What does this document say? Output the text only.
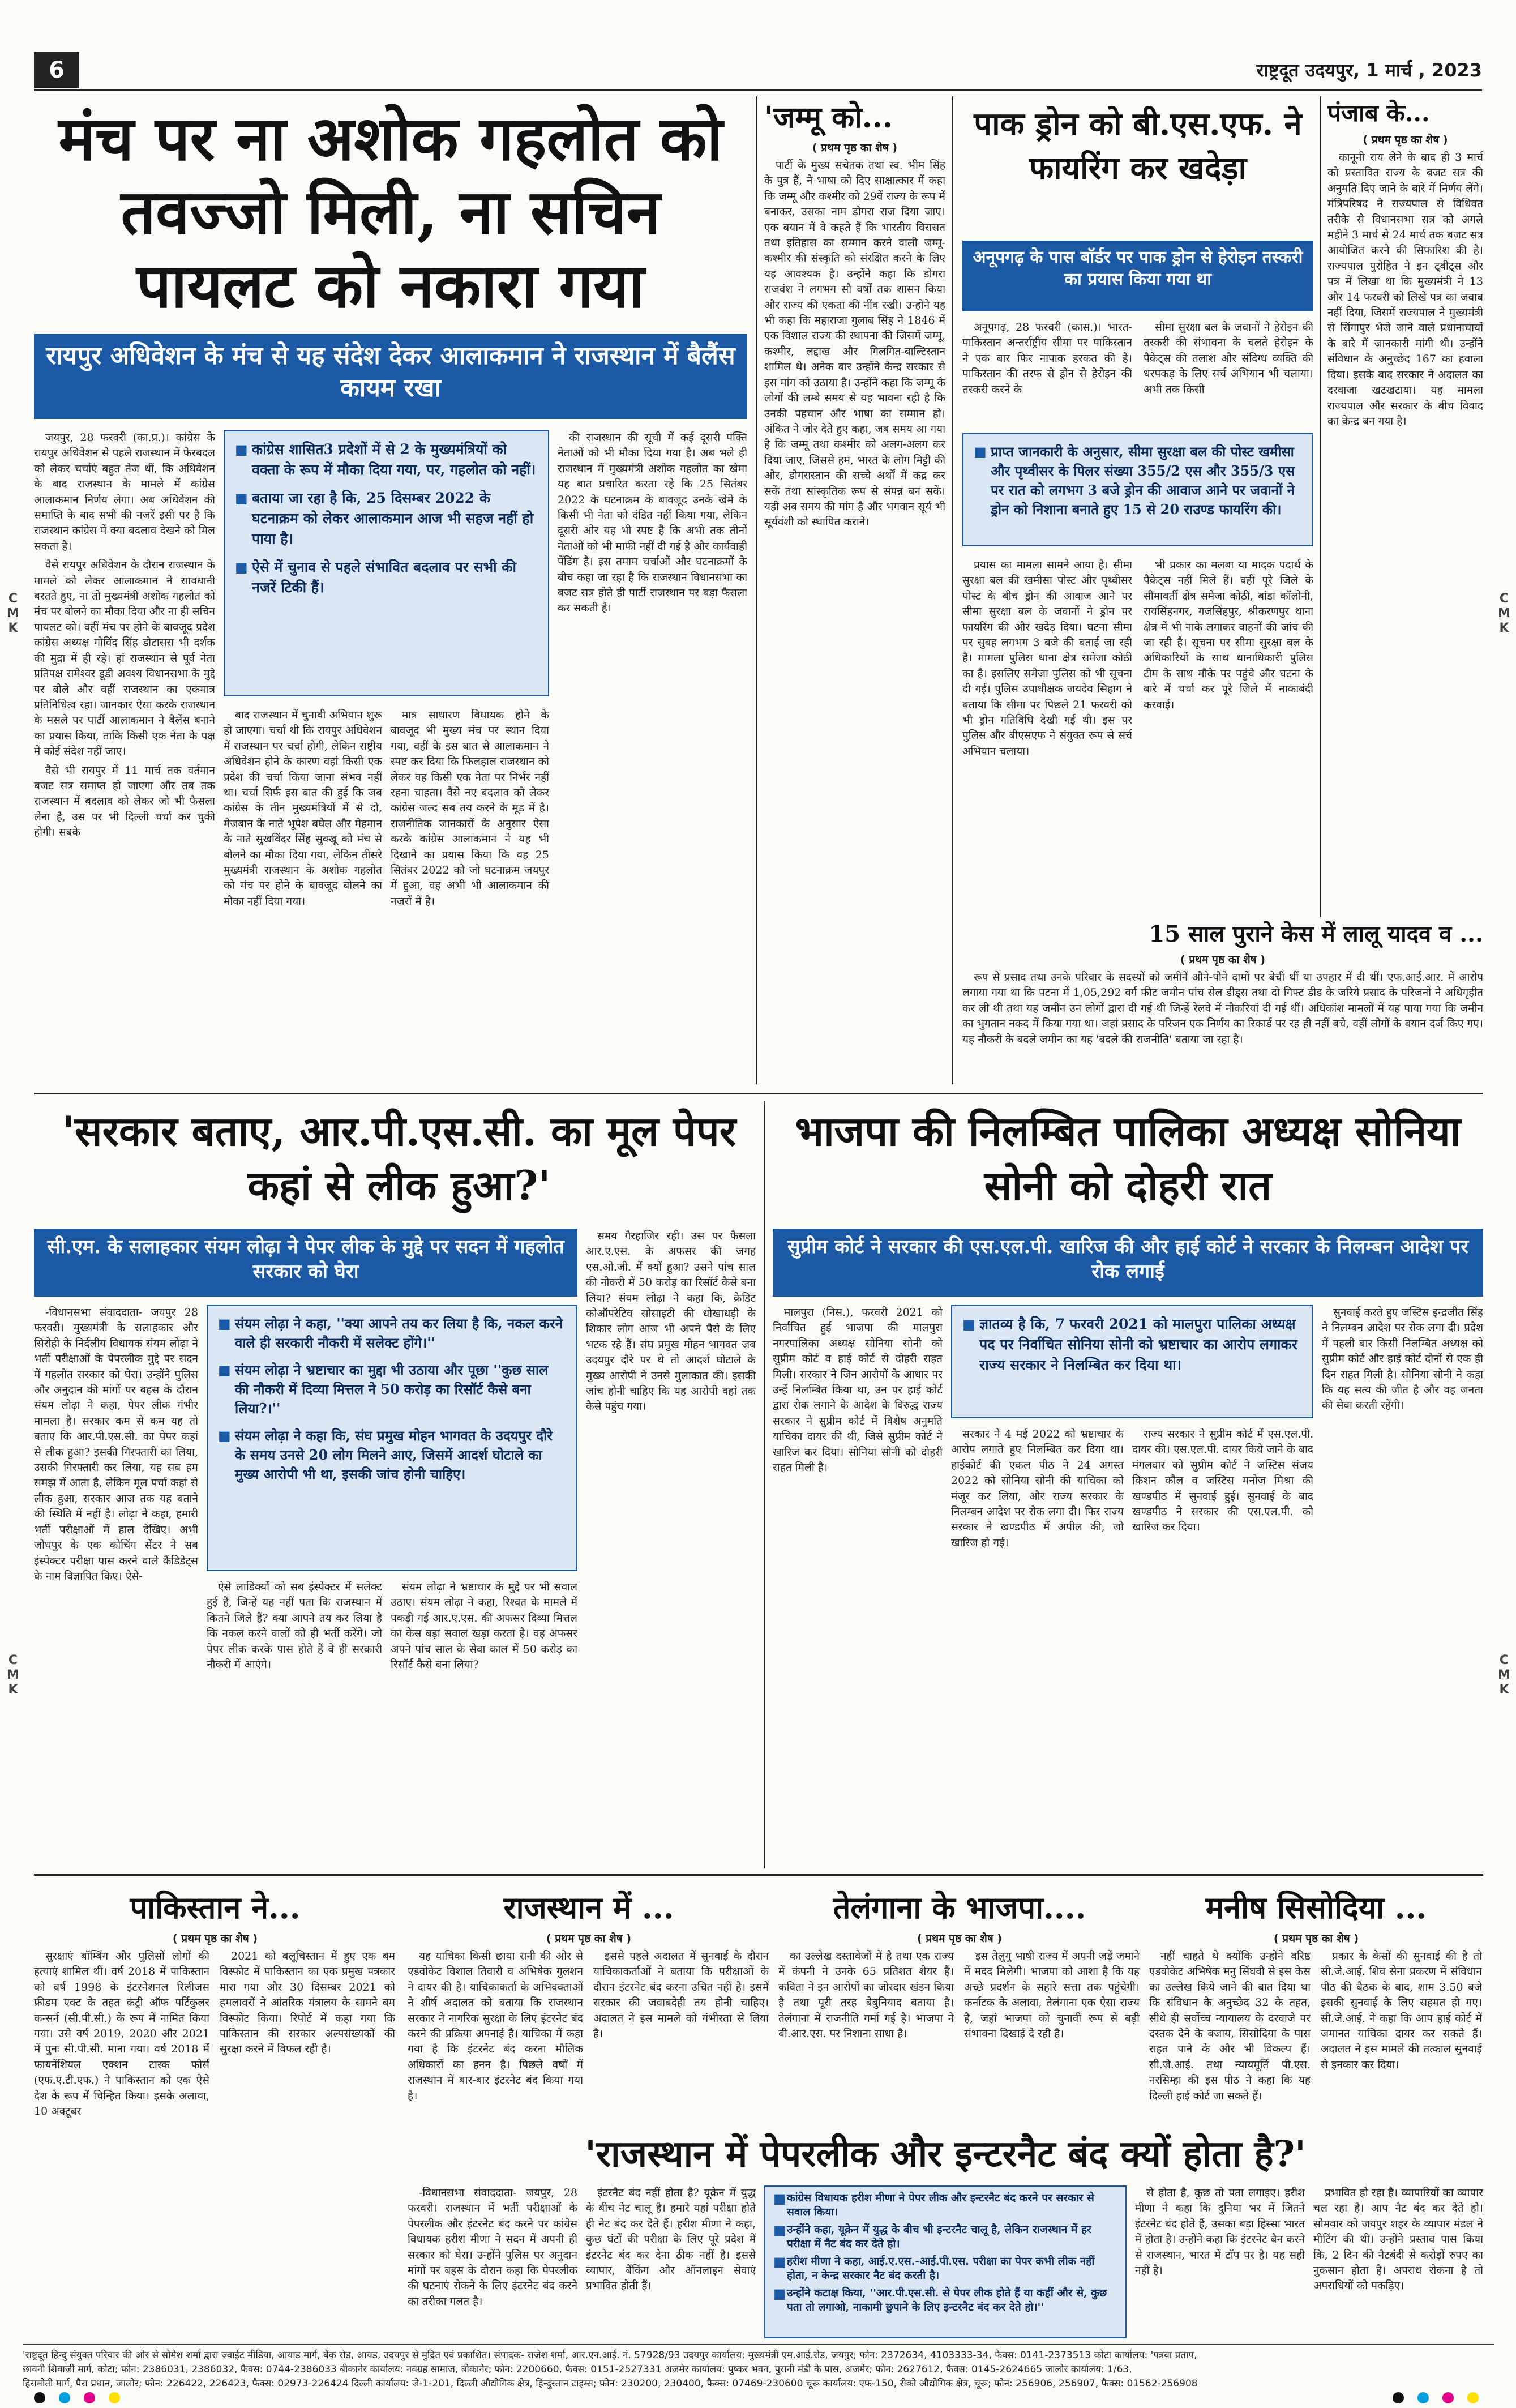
6	राष्ट्रदूत उदयपुर, 1 मार्च , 2023
C
M
K
C
M
K
C
M
K
C
M
K
मंच पर ना अशोक गहलोत को तवज्जो मिली, ना सचिन पायलट को नकारा गया
रायपुर अधिवेशन के मंच से यह संदेश देकर आलाकमान ने राजस्थान में बैलैंस कायम रखा

जयपुर, 28 फरवरी (का.प्र.)। कांग्रेस के रायपुर अधिवेशन से पहले राजस्थान में फेरबदल को लेकर चर्चाएं बहुत तेज थीं, कि अधिवेशन के बाद राजस्थान के मामले में कांग्रेस आलाकमान निर्णय लेगा। अब अधिवेशन की समाप्ति के बाद सभी की नजरें इसी पर हैं कि राजस्थान कांग्रेस में क्या बदलाव देखने को मिल सकता है।

वैसे रायपुर अधिवेशन के दौरान राजस्थान के मामले को लेकर आलाकमान ने सावधानी बरतते हुए, ना तो मुख्यमंत्री अशोक गहलोत को मंच पर बोलने का मौका दिया और ना ही सचिन पायलट को। वहीं मंच पर होने के बावजूद प्रदेश कांग्रेस अध्यक्ष गोविंद सिंह डोटासरा भी दर्शक की मुद्रा में ही रहे। हां राजस्थान से पूर्व नेता प्रतिपक्ष रामेश्वर डूडी अवश्य विधानसभा के मुद्दे पर बोले और वहीं राजस्थान का एकमात्र प्रतिनिधित्व रहा। जानकार ऐसा करके राजस्थान के मसले पर पार्टी आलाकमान ने बैलेंस बनाने का प्रयास किया, ताकि किसी एक नेता के पक्ष में कोई संदेश नहीं जाए।

वैसे भी रायपुर में 11 मार्च तक वर्तमान बजट सत्र समाप्त हो जाएगा और तब तक राजस्थान में बदलाव को लेकर जो भी फैसला लेना है, उस पर भी दिल्ली चर्चा कर चुकी होगी। सबके

■ कांग्रेस शासित3 प्रदेशों में से 2 के मुख्यमंत्रियों को वक्ता के रूप में मौका दिया गया, पर, गहलोत को नहीं।
■ बताया जा रहा है कि, 25 दिसम्बर 2022 के घटनाक्रम को लेकर आलाकमान आज भी सहज नहीं हो पाया है।
■ ऐसे में चुनाव से पहले संभावित बदलाव पर सभी की नजरें टिकी हैं।

बाद राजस्थान में चुनावी अभियान शुरू हो जाएगा। चर्चा थी कि रायपुर अधिवेशन में राजस्थान पर चर्चा होगी, लेकिन राष्ट्रीय अधिवेशन होने के कारण वहां किसी एक प्रदेश की चर्चा किया जाना संभव नहीं था। चर्चा सिर्फ इस बात की हुई कि जब कांग्रेस के तीन मुख्यमंत्रियों में से दो, मेजबान के नाते भूपेश बघेल और मेहमान के नाते सुखविंदर सिंह सुक्खू को मंच से बोलने का मौका दिया गया, लेकिन तीसरे मुख्यमंत्री राजस्थान के अशोक गहलोत को मंच पर होने के बावजूद बोलने का मौका नहीं दिया गया।

मात्र साधारण विधायक होने के बावजूद भी मुख्य मंच पर स्थान दिया गया, वहीं के इस बात से आलाकमान ने स्पष्ट कर दिया कि फिलहाल राजस्थान को लेकर वह किसी एक नेता पर निर्भर नहीं रहना चाहता। वैसे नए बदलाव को लेकर कांग्रेस जल्द सब तय करने के मूड में है। राजनीतिक जानकारों के अनुसार ऐसा करके कांग्रेस आलाकमान ने यह भी दिखाने का प्रयास किया कि वह 25 सितंबर 2022 को जो घटनाक्रम जयपुर में हुआ, वह अभी भी आलाकमान की नजरों में है।

की राजस्थान की सूची में कई दूसरी पंक्ति नेताओं को भी मौका दिया गया है। अब भले ही राजस्थान में मुख्यमंत्री अशोक गहलोत का खेमा यह बात प्रचारित करता रहे कि 25 सितंबर 2022 के घटनाक्रम के बावजूद उनके खेमे के किसी भी नेता को दंडित नहीं किया गया, लेकिन दूसरी ओर यह भी स्पष्ट है कि अभी तक तीनों नेताओं को भी माफी नहीं दी गई है और कार्यवाही पेंडिंग है। इस तमाम चर्चाओं और घटनाक्रमों के बीच कहा जा रहा है कि राजस्थान विधानसभा का बजट सत्र होते ही पार्टी राजस्थान पर बड़ा फैसला कर सकती है।

'जम्मू को...
( प्रथम पृष्ठ का शेष )

पार्टी के मुख्य सचेतक तथा स्व. भीम सिंह के पुत्र हैं, ने भाषा को दिए साक्षात्कार में कहा कि जम्मू और कश्मीर को 29वें राज्य के रूप में बनाकर, उसका नाम डोगरा राज दिया जाए। एक बयान में वे कहते हैं कि भारतीय विरासत तथा इतिहास का सम्मान करने वाली जम्मू-कश्मीर की संस्कृति को संरक्षित करने के लिए यह आवश्यक है। उन्होंने कहा कि डोगरा राजवंश ने लगभग सौ वर्षों तक शासन किया और राज्य की एकता की नींव रखी। उन्होंने यह भी कहा कि महाराजा गुलाब सिंह ने 1846 में एक विशाल राज्य की स्थापना की जिसमें जम्मू, कश्मीर, लद्दाख और गिलगित-बाल्टिस्तान शामिल थे। अनेक बार उन्होंने केन्द्र सरकार से इस मांग को उठाया है। उन्होंने कहा कि जम्मू के लोगों की लम्बे समय से यह भावना रही है कि उनकी पहचान और भाषा का सम्मान हो। अंकित ने जोर देते हुए कहा, जब समय आ गया है कि जम्मू तथा कश्मीर को अलग-अलग कर दिया जाए, जिससे हम, भारत के लोग मिट्टी की ओर, डोगरास्तान की सच्चे अर्थों में कद्र कर सकें तथा सांस्कृतिक रूप से संपन्न बन सकें। यही अब समय की मांग है और भगवान सूर्य भी सूर्यवंशी को स्थापित कराने।

पाक ड्रोन को बी.एस.एफ. ने फायरिंग कर खदेड़ा
अनूपगढ़ के पास बॉर्डर पर पाक ड्रोन से हेरोइन तस्करी का प्रयास किया गया था

अनूपगढ़, 28 फरवरी (कास.)। भारत-पाकिस्तान अन्तर्राष्ट्रीय सीमा पर पाकिस्तान ने एक बार फिर नापाक हरकत की है। पाकिस्तान की तरफ से ड्रोन से हेरोइन की तस्करी करने के

सीमा सुरक्षा बल के जवानों ने हेरोइन की तस्करी की संभावना के चलते हेरोइन के पैकेट्स की तलाश और संदिग्ध व्यक्ति की धरपकड़ के लिए सर्च अभियान भी चलाया। अभी तक किसी

■ प्राप्त जानकारी के अनुसार, सीमा सुरक्षा बल की पोस्ट खमीसा और पृथ्वीसर के पिलर संख्या 355/2 एस और 355/3 एस पर रात को लगभग 3 बजे ड्रोन की आवाज आने पर जवानों ने ड्रोन को निशाना बनाते हुए 15 से 20 राउण्ड फायरिंग की।

प्रयास का मामला सामने आया है। सीमा सुरक्षा बल की खमीसा पोस्ट और पृथ्वीसर पोस्ट के बीच ड्रोन की आवाज आने पर सीमा सुरक्षा बल के जवानों ने ड्रोन पर फायरिंग की और खदेड़ दिया। घटना सीमा पर सुबह लगभग 3 बजे की बताई जा रही है। मामला पुलिस थाना क्षेत्र समेजा कोठी का है। इसलिए समेजा पुलिस को भी सूचना दी गई। पुलिस उपाधीक्षक जयदेव सिहाग ने बताया कि सीमा पर पिछले 21 फरवरी को भी ड्रोन गतिविधि देखी गई थी। इस पर पुलिस और बीएसएफ ने संयुक्त रूप से सर्च अभियान चलाया।

भी प्रकार का मलबा या मादक पदार्थ के पैकेट्स नहीं मिले हैं। वहीं पूरे जिले के सीमावर्ती क्षेत्र समेजा कोठी, बांडा कॉलोनी, रायसिंहनगर, गजसिंहपुर, श्रीकरणपुर थाना क्षेत्र में भी नाके लगाकर वाहनों की जांच की जा रही है। सूचना पर सीमा सुरक्षा बल के अधिकारियों के साथ थानाधिकारी पुलिस टीम के साथ मौके पर पहुंचे और घटना के बारे में चर्चा कर पूरे जिले में नाकाबंदी करवाई।

पंजाब के...
( प्रथम पृष्ठ का शेष )

कानूनी राय लेने के बाद ही 3 मार्च को प्रस्तावित राज्य के बजट सत्र की अनुमति दिए जाने के बारे में निर्णय लेंगे। मंत्रिपरिषद ने राज्यपाल से विधिवत तरीके से विधानसभा सत्र को अगले महीने 3 मार्च से 24 मार्च तक बजट सत्र आयोजित करने की सिफारिश की है। राज्यपाल पुरोहित ने इन ट्वीट्स और पत्र में लिखा था कि मुख्यमंत्री ने 13 और 14 फरवरी को लिखे पत्र का जवाब नहीं दिया, जिसमें राज्यपाल ने मुख्यमंत्री से सिंगापुर भेजे जाने वाले प्रधानाचार्यों के बारे में जानकारी मांगी थी। उन्होंने संविधान के अनुच्छेद 167 का हवाला दिया। इसके बाद सरकार ने अदालत का दरवाजा खटखटाया। यह मामला राज्यपाल और सरकार के बीच विवाद का केन्द्र बन गया है।

15 साल पुराने केस में लालू यादव व ...
( प्रथम पृष्ठ का शेष )

रूप से प्रसाद तथा उनके परिवार के सदस्यों को जमीनें औने-पौने दामों पर बेची थीं या उपहार में दी थीं। एफ.आई.आर. में आरोप लगाया गया था कि पटना में 1,05,292 वर्ग फीट जमीन पांच सेल डीड्स तथा दो गिफ्ट डीड के जरिये प्रसाद के परिजनों ने अधिगृहीत कर ली थी तथा यह जमीन उन लोगों द्वारा दी गई थी जिन्हें रेलवे में नौकरियां दी गई थीं। अधिकांश मामलों में यह पाया गया कि जमीन का भुगतान नकद में किया गया था। जहां प्रसाद के परिजन एक निर्णय का रिकार्ड पर रह ही नहीं बचे, वहीं लोगों के बयान दर्ज किए गए। यह नौकरी के बदले जमीन का यह 'बदले की राजनीति' बताया जा रहा है।

'सरकार बताए, आर.पी.एस.सी. का मूल पेपर कहां से लीक हुआ?'
सी.एम. के सलाहकार संयम लोढ़ा ने पेपर लीक के मुद्दे पर सदन में गहलोत सरकार को घेरा

-विधानसभा संवाददाता- जयपुर 28 फरवरी। मुख्यमंत्री के सलाहकार और सिरोही के निर्दलीय विधायक संयम लोढ़ा ने भर्ती परीक्षाओं के पेपरलीक मुद्दे पर सदन में गहलोत सरकार को घेरा। उन्होंने पुलिस और अनुदान की मांगों पर बहस के दौरान संयम लोढ़ा ने कहा, पेपर लीक गंभीर मामला है। सरकार कम से कम यह तो बताए कि आर.पी.एस.सी. का पेपर कहां से लीक हुआ? इसकी गिरफ्तारी का लिया, उसकी गिरफ्तारी कर लिया, यह सब हम समझ में आता है, लेकिन मूल पर्चा कहां से लीक हुआ, सरकार आज तक यह बताने की स्थिति में नहीं है। लोढ़ा ने कहा, हमारी भर्ती परीक्षाओं में हाल देखिए। अभी जोधपुर के एक कोचिंग सेंटर ने सब इंस्पेक्टर परीक्षा पास करने वाले कैंडिडेट्स के नाम विज्ञापित किए। ऐसे-

■ संयम लोढ़ा ने कहा, ''क्या आपने तय कर लिया है कि, नकल करने वाले ही सरकारी नौकरी में सलेक्ट होंगे।''
■ संयम लोढ़ा ने भ्रष्टाचार का मुद्दा भी उठाया और पूछा ''कुछ साल की नौकरी में दिव्या मित्तल ने 50 करोड़ का रिसॉर्ट कैसे बना लिया?।''
■ संयम लोढ़ा ने कहा कि, संघ प्रमुख मोहन भागवत के उदयपुर दौरे के समय उनसे 20 लोग मिलने आए, जिसमें आदर्श घोटाले का मुख्य आरोपी भी था, इसकी जांच होनी चाहिए।

ऐसे लाडिक्यों को सब इंस्पेक्टर में सलेक्ट हुई हैं, जिन्हें यह नहीं पता कि राजस्थान में कितने जिले हैं? क्या आपने तय कर लिया है कि नकल करने वालों को ही भर्ती करेंगे। जो पेपर लीक करके पास होते हैं वे ही सरकारी नौकरी में आएंगे।

संयम लोढ़ा ने भ्रष्टाचार के मुद्दे पर भी सवाल उठाए। संयम लोढ़ा ने कहा, रिश्वत के मामले में पकड़ी गई आर.ए.एस. की अफसर दिव्या मित्तल का केस बड़ा सवाल खड़ा करता है। वह अफसर अपने पांच साल के सेवा काल में 50 करोड़ का रिसॉर्ट कैसे बना लिया?

समय गैरहाजिर रही। उस पर फैसला आर.ए.एस. के अफसर की जगह एस.ओ.जी. में क्यों हुआ? उसने पांच साल की नौकरी में 50 करोड़ का रिसॉर्ट कैसे बना लिया? संयम लोढ़ा ने कहा कि, क्रेडिट कोऑपरेटिव सोसाइटी की धोखाधड़ी के शिकार लोग आज भी अपने पैसे के लिए भटक रहे हैं। संघ प्रमुख मोहन भागवत जब उदयपुर दौरे पर थे तो आदर्श घोटाले के मुख्य आरोपी ने उनसे मुलाकात की। इसकी जांच होनी चाहिए कि यह आरोपी वहां तक कैसे पहुंच गया।

भाजपा की निलम्बित पालिका अध्यक्ष सोनिया सोनी को दोहरी रात
सुप्रीम कोर्ट ने सरकार की एस.एल.पी. खारिज की और हाई कोर्ट ने सरकार के निलम्बन आदेश पर रोक लगाई

मालपुरा (निस.), फरवरी 2021 को निर्वाचित हुई भाजपा की मालपुरा नगरपालिका अध्यक्ष सोनिया सोनी को सुप्रीम कोर्ट व हाई कोर्ट से दोहरी राहत मिली। सरकार ने जिन आरोपों के आधार पर उन्हें निलम्बित किया था, उन पर हाई कोर्ट द्वारा रोक लगाने के आदेश के विरुद्ध राज्य सरकार ने सुप्रीम कोर्ट में विशेष अनुमति याचिका दायर की थी, जिसे सुप्रीम कोर्ट ने खारिज कर दिया। सोनिया सोनी को दोहरी राहत मिली है।

■ ज्ञातव्य है कि, 7 फरवरी 2021 को मालपुरा पालिका अध्यक्ष पद पर निर्वाचित सोनिया सोनी को भ्रष्टाचार का आरोप लगाकर राज्य सरकार ने निलम्बित कर दिया था।

सरकार ने 4 मई 2022 को भ्रष्टाचार के आरोप लगाते हुए निलम्बित कर दिया था। हाईकोर्ट की एकल पीठ ने 24 अगस्त 2022 को सोनिया सोनी की याचिका को मंजूर कर लिया, और राज्य सरकार के निलम्बन आदेश पर रोक लगा दी। फिर राज्य सरकार ने खण्डपीठ में अपील की, जो खारिज हो गई।

राज्य सरकार ने सुप्रीम कोर्ट में एस.एल.पी. दायर की। एस.एल.पी. दायर किये जाने के बाद मंगलवार को सुप्रीम कोर्ट ने जस्टिस संजय किशन कौल व जस्टिस मनोज मिश्रा की खण्डपीठ में सुनवाई हुई। सुनवाई के बाद खण्डपीठ ने सरकार की एस.एल.पी. को खारिज कर दिया।

सुनवाई करते हुए जस्टिस इन्द्रजीत सिंह ने निलम्बन आदेश पर रोक लगा दी। प्रदेश में पहली बार किसी निलम्बित अध्यक्ष को सुप्रीम कोर्ट और हाई कोर्ट दोनों से एक ही दिन राहत मिली है। सोनिया सोनी ने कहा कि यह सत्य की जीत है और वह जनता की सेवा करती रहेंगी।

पाकिस्तान ने...
( प्रथम पृष्ठ का शेष )

सुरक्षाएं बॉम्बिंग और पुलिसों लोगों की हत्याएं शामिल थीं। वर्ष 2018 में पाकिस्तान को वर्ष 1998 के इंटरनेशनल रिलीजस फ्रीडम एक्ट के तहत कंट्री ऑफ पर्टिकुलर कन्सर्न (सी.पी.सी.) के रूप में नामित किया गया। उसे वर्ष 2019, 2020 और 2021 में पुनः सी.पी.सी. माना गया। वर्ष 2018 में फायनेंशियल एक्शन टास्क फोर्स (एफ.ए.टी.एफ.) ने पाकिस्तान को एक ऐसे देश के रूप में चिन्हित किया। इसके अलावा, 10 अक्टूबर

2021 को बलूचिस्तान में हुए एक बम विस्फोट में पाकिस्तान का एक प्रमुख पत्रकार मारा गया और 30 दिसम्बर 2021 को हमलावरों ने आंतरिक मंत्रालय के सामने बम विस्फोट किया। रिपोर्ट में कहा गया कि पाकिस्तान की सरकार अल्पसंख्यकों की सुरक्षा करने में विफल रही है।

राजस्थान में ...
( प्रथम पृष्ठ का शेष )

यह याचिका किसी छाया रानी की ओर से एडवोकेट विशाल तिवारी व अभिषेक गुलशन ने दायर की है। याचिकाकर्ता के अभिवक्ताओं ने शीर्ष अदालत को बताया कि राजस्थान सरकार ने नागरिक सुरक्षा के लिए इंटरनेट बंद करने की प्रक्रिया अपनाई है। याचिका में कहा गया है कि इंटरनेट बंद करना मौलिक अधिकारों का हनन है। पिछले वर्षों में राजस्थान में बार-बार इंटरनेट बंद किया गया है।

इससे पहले अदालत में सुनवाई के दौरान याचिकाकर्ताओं ने बताया कि परीक्षाओं के दौरान इंटरनेट बंद करना उचित नहीं है। इसमें सरकार की जवाबदेही तय होनी चाहिए। अदालत ने इस मामले को गंभीरता से लिया है।

तेलंगाना के भाजपा....
( प्रथम पृष्ठ का शेष )

का उल्लेख दस्तावेजों में है तथा एक राज्य में कंपनी ने उनके 65 प्रतिशत शेयर हैं। कविता ने इन आरोपों का जोरदार खंडन किया है तथा पूरी तरह बेबुनियाद बताया है। तेलंगाना में राजनीति गर्मा गई है। भाजपा ने बी.आर.एस. पर निशाना साधा है।

इस तेलुगु भाषी राज्य में अपनी जड़ें जमाने में मदद मिलेगी। भाजपा को आशा है कि यह अच्छे प्रदर्शन के सहारे सत्ता तक पहुंचेगी। कर्नाटक के अलावा, तेलंगाना एक ऐसा राज्य है, जहां भाजपा को चुनावी रूप से बड़ी संभावना दिखाई दे रही है।

मनीष सिसोदिया ...
( प्रथम पृष्ठ का शेष )

नहीं चाहते थे क्योंकि उन्होंने वरिष्ठ एडवोकेट अभिषेक मनु सिंघवी से इस केस का उल्लेख किये जाने की बात दिया था कि संविधान के अनुच्छेद 32 के तहत, सीधे ही सर्वोच्च न्यायालय के दरवाजे पर दस्तक देने के बजाय, सिसोदिया के पास राहत पाने के और भी विकल्प हैं। सी.जे.आई. तथा न्यायमूर्ति पी.एस. नरसिम्हा की इस पीठ ने कहा कि यह दिल्ली हाई कोर्ट जा सकते हैं।

प्रकार के केसों की सुनवाई की है तो सी.जे.आई. शिव सेना प्रकरण में संविधान पीठ की बैठक के बाद, शाम 3.50 बजे इसकी सुनवाई के लिए सहमत हो गए। सी.जे.आई. ने कहा कि आप हाई कोर्ट में जमानत याचिका दायर कर सकते हैं। अदालत ने इस मामले की तत्काल सुनवाई से इनकार कर दिया।

'राजस्थान में पेपरलीक और इन्टरनैट बंद क्यों होता है?'

-विधानसभा संवाददाता- जयपुर, 28 फरवरी। राजस्थान में भर्ती परीक्षाओं के पेपरलीक और इंटरनेट बंद करने पर कांग्रेस विधायक हरीश मीणा ने सदन में अपनी ही सरकार को घेरा। उन्होंने पुलिस पर अनुदान मांगों पर बहस के दौरान कहा कि पेपरलीक की घटनाएं रोकने के लिए इंटरनेट बंद करने का तरीका गलत है।

इंटरनैट बंद नहीं होता है? यूक्रेन में युद्ध के बीच नेट चालू है। हमारे यहां परीक्षा होते ही नेट बंद कर देते हैं। हरीश मीणा ने कहा, कुछ घंटों की परीक्षा के लिए पूरे प्रदेश में इंटरनेट बंद कर देना ठीक नहीं है। इससे व्यापार, बैंकिंग और ऑनलाइन सेवाएं प्रभावित होती हैं।

■ कांग्रेस विधायक हरीश मीणा ने पेपर लीक और इन्टरनैट बंद करने पर सरकार से सवाल किया।
■ उन्होंने कहा, यूक्रेन में युद्ध के बीच भी इन्टरनैट चालू है, लेकिन राजस्थान में हर परीक्षा में नैट बंद कर देते हो।
■ हरीश मीणा ने कहा, आई.ए.एस.-आई.पी.एस. परीक्षा का पेपर कभी लीक नहीं होता, न केन्द्र सरकार नैट बंद करती है।
■ उन्होंने कटाक्ष किया, ''आर.पी.एस.सी. से पेपर लीक होते हैं या कहीं और से, कुछ पता तो लगाओ, नाकामी छुपाने के लिए इन्टरनैट बंद कर देते हो।''

से होता है, कुछ तो पता लगाइए। हरीश मीणा ने कहा कि दुनिया भर में जितने इंटरनेट बंद होते हैं, उसका बड़ा हिस्सा भारत में होता है। उन्होंने कहा कि इंटरनेट बैन करने से राजस्थान, भारत में टॉप पर है। यह सही नहीं है।

प्रभावित हो रहा है। व्यापारियों का व्यापार चल रहा है। आप नैट बंद कर देते हो। सोमवार को जयपुर शहर के व्यापार मंडल ने मीटिंग की थी। उन्होंने प्रस्ताव पास किया कि, 2 दिन की नैटबंदी से करोड़ों रुपए का नुकसान होता है। अपराध रोकना है तो अपराधियों को पकड़िए।

'राष्ट्रदूत हिन्दु संयुक्त परिवार की ओर से सोमेश शर्मा द्वारा ज्वाईट मीडिया, आयाड मार्ग, बैंक रोड, आयड, उदयपुर से मुद्रित एवं प्रकाशित। संपादक- राजेश शर्मा, आर.एन.आई. नं. 57928/93 उदयपुर कार्यालय: मुख्यमंत्री एम.आई.रोड, जयपुर; फोन: 2372634, 4103333-34, फैक्स: 0141-2373513 कोटा कार्यालय: 'पत्रवा प्रताप,
छावनी शिवाजी मार्ग, कोटा; फोन: 2386031, 2386032, फैक्स: 0744-2386033 बीकानेर कार्यालय: नवग्रह सामाज, बीकानेर; फोन: 2200660, फैक्स: 0151-2527331 अजमेर कार्यालय: पुष्कर भवन, पुरानी मंडी के पास, अजमेर; फोन: 2627612, फैक्स: 0145-2624665 जालोर कार्यालय: 1/63,
हिरामोती मार्ग, पैरा प्रधान, जालोर; फोन: 226422, 226423, फैक्स: 02973-226424 दिल्ली कार्यालय: जे-1-201, दिल्ली औद्योगिक क्षेत्र, हिन्दुस्तान टाइम्स; फोन: 230200, 230400, फैक्स: 07469-230600 चूरू कार्यालय: एफ-150, रीको औद्योगिक क्षेत्र, चूरू; फोन: 256906, 256907, फैक्स: 01562-256908
